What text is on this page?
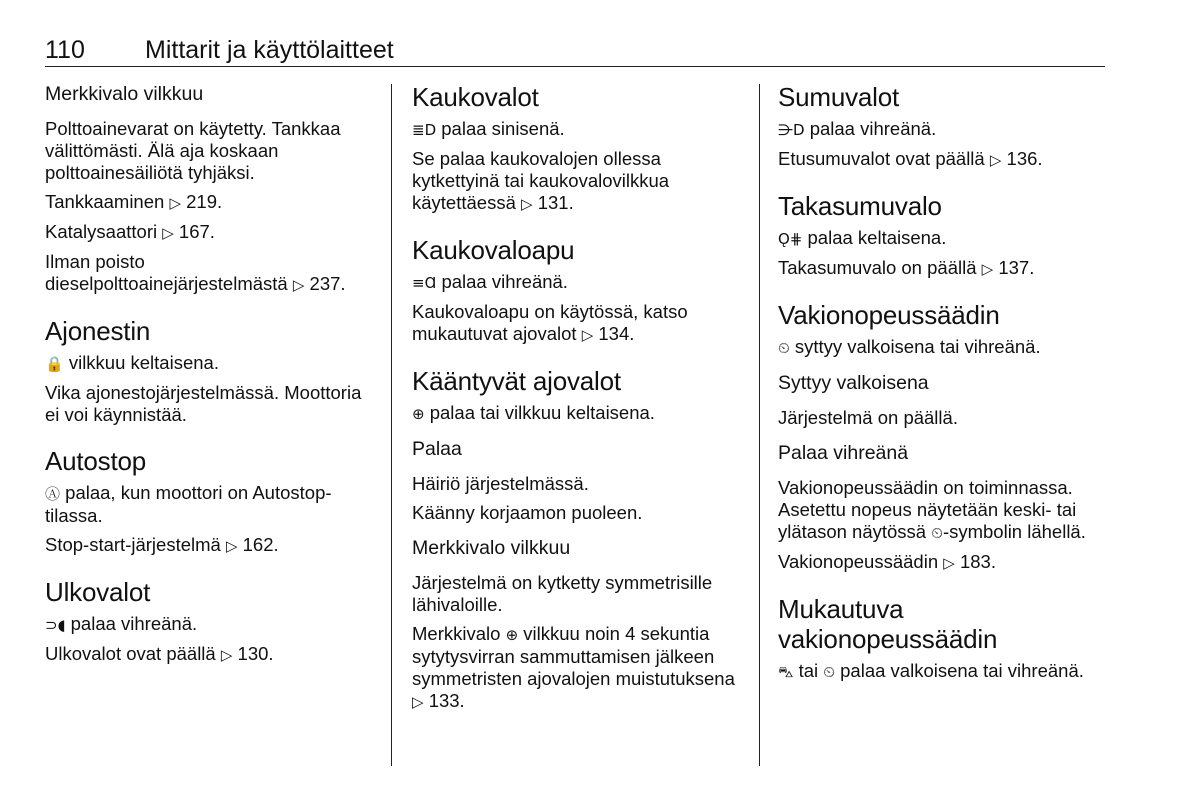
110 Mittarit ja käyttölaitteet
Merkkivalo vilkkuu

Polttoainevarat on käytetty. Tankkaa välittömästi. Älä aja koskaan polttoainesäiliötä tyhjäksi.

Tankkaaminen ▷ 219.

Katalysaattori ▷ 167.

Ilman poisto dieselpolttoainejärjestelmästä ▷ 237.

Ajonestin

🔒 vilkkuu keltaisena.

Vika ajonestojärjestelmässä. Moottoria ei voi käynnistää.

Autostop

Ⓐ palaa, kun moottori on Autostop-tilassa.

Stop-start-järjestelmä ▷ 162.

Ulkovalot

⊃◖ palaa vihreänä.

Ulkovalot ovat päällä ▷ 130.

Kaukovalot

≣D palaa sinisenä.

Se palaa kaukovalojen ollessa kytkettyinä tai kaukovalovilkkua käytettäessä ▷ 131.

Kaukovaloapu

≡Ɑ palaa vihreänä.

Kaukovaloapu on käytössä, katso mukautuvat ajovalot ▷ 134.

Kääntyvät ajovalot

⊕ palaa tai vilkkuu keltaisena.

Palaa

Häiriö järjestelmässä.

Käänny korjaamon puoleen.

Merkkivalo vilkkuu

Järjestelmä on kytketty symmetrisille lähivaloille.

Merkkivalo ⊕ vilkkuu noin 4 sekuntia sytytysvirran sammuttamisen jälkeen symmetristen ajovalojen muistutuksena ▷ 133.

Sumuvalot

⋺D palaa vihreänä.

Etusumuvalot ovat päällä ▷ 136.

Takasumuvalo

Ǫ⋕ palaa keltaisena.

Takasumuvalo on päällä ▷ 137.

Vakionopeussäädin

⏲ syttyy valkoisena tai vihreänä.

Syttyy valkoisena

Järjestelmä on päällä.

Palaa vihreänä

Vakionopeussäädin on toiminnassa. Asetettu nopeus näytetään keski- tai ylätason näytössä ⏲-symbolin lähellä.

Vakionopeussäädin ▷ 183.

Mukautuva vakionopeussäädin

⛍ tai ⏲ palaa valkoisena tai vihreänä.
